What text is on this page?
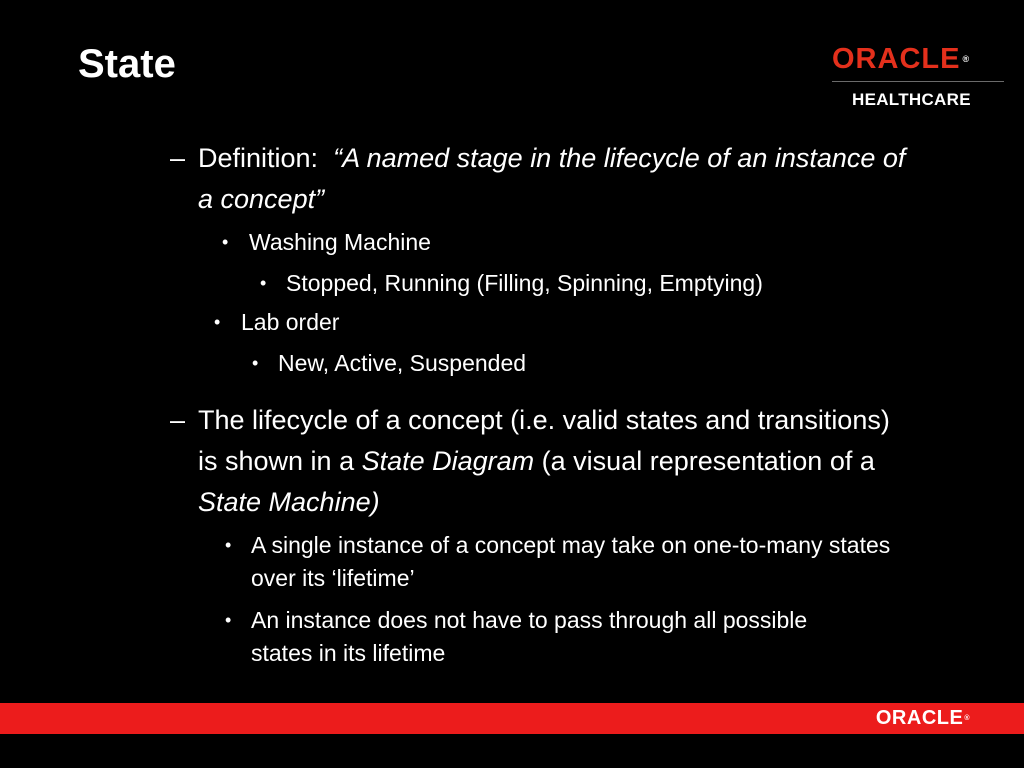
State	ORACLE ®
HEALTHCARE

– Definition: “A named stage in the lifecycle of an instance of a concept”

• Washing Machine
• Stopped, Running (Filling, Spinning, Emptying)
• Lab order
• New, Active, Suspended

– The lifecycle of a concept (i.e. valid states and transitions) is shown in a State Diagram (a visual representation of a State Machine)

• A single instance of a concept may take on one-to-many states over its ‘lifetime’
• An instance does not have to pass through all possible states in its lifetime
ORACLE®
